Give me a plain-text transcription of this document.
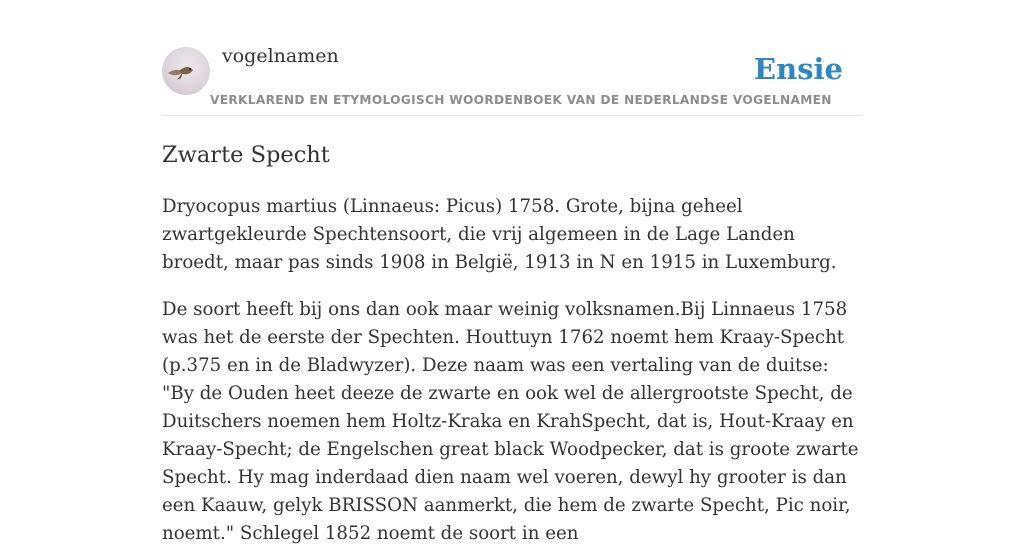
vogelnamen
VERKLAREND EN ETYMOLOGISCH WOORDENBOEK VAN DE NEDERLANDSE VOGELNAMEN
Ensie
Zwarte Specht

Dryocopus martius (Linnaeus: Picus) 1758. Grote, bijna geheel zwartgekleurde Spechtensoort, die vrij algemeen in de Lage Landen broedt, maar pas sinds 1908 in België, 1913 in N en 1915 in Luxemburg.

De soort heeft bij ons dan ook maar weinig volksnamen.Bij Linnaeus 1758 was het de eerste der Spechten. Houttuyn 1762 noemt hem Kraay-Specht (p.375 en in de Bladwyzer). Deze naam was een vertaling van de duitse: "By de Ouden heet deeze de zwarte en ook wel de allergrootste Specht, de Duitschers noemen hem Holtz-Kraka en KrahSpecht, dat is, Hout-Kraay en Kraay-Specht; de Engelschen great black Woodpecker, dat is groote zwarte Specht. Hy mag inderdaad dien naam wel voeren, dewyl hy grooter is dan een Kaauw, gelyk BRISSON aanmerkt, die hem de zwarte Specht, Pic noir, noemt." Schlegel 1852 noemt de soort in een
